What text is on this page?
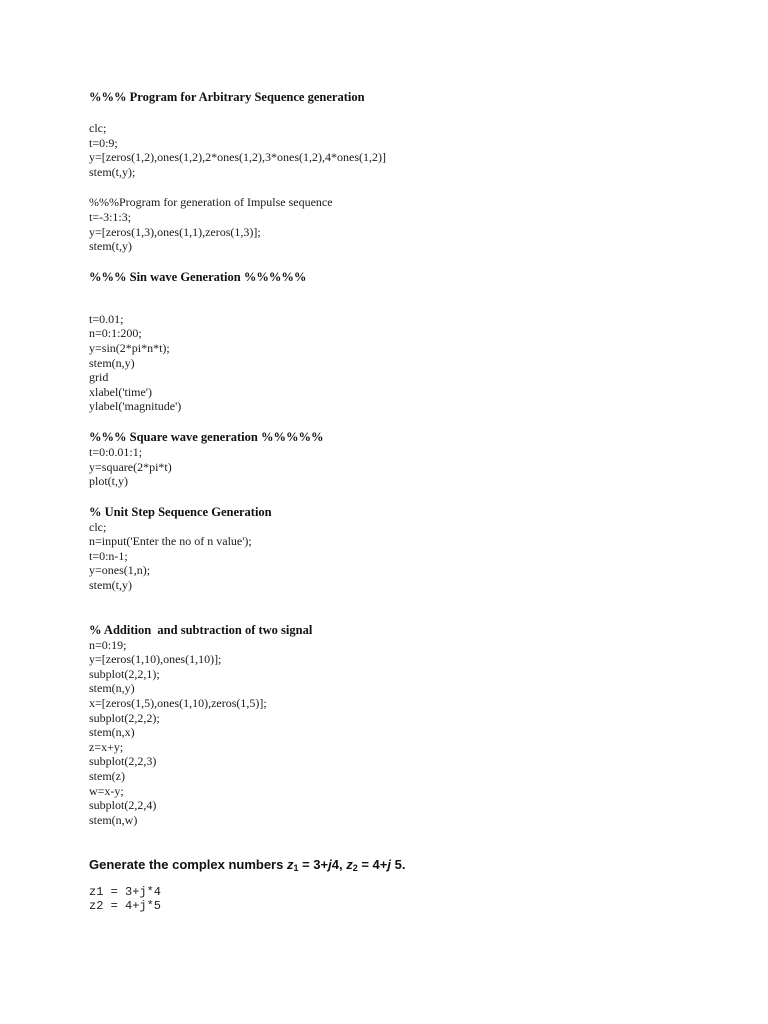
%%% Program for Arbitrary Sequence generation
clc;
t=0:9;
y=[zeros(1,2),ones(1,2),2*ones(1,2),3*ones(1,2),4*ones(1,2)]
stem(t,y);
%%%Program for generation of Impulse sequence
t=-3:1:3;
y=[zeros(1,3),ones(1,1),zeros(1,3)];
stem(t,y)
%%% Sin wave Generation %%%%%
t=0.01;
n=0:1:200;
y=sin(2*pi*n*t);
stem(n,y)
grid
xlabel('time')
ylabel('magnitude')
%%% Square wave generation %%%%%
t=0:0.01:1;
y=square(2*pi*t)
plot(t,y)
% Unit Step Sequence Generation
clc;
n=input('Enter the no of n value');
t=0:n-1;
y=ones(1,n);
stem(t,y)
% Addition  and subtraction of two signal
n=0:19;
y=[zeros(1,10),ones(1,10)];
subplot(2,2,1);
stem(n,y)
x=[zeros(1,5),ones(1,10),zeros(1,5)];
subplot(2,2,2);
stem(n,x)
z=x+y;
subplot(2,2,3)
stem(z)
w=x-y;
subplot(2,2,4)
stem(n,w)
Generate the complex numbers $z_1 = 3+j4$, $z_2 = 4+j$ 5.
z1 = 3+j*4
z2 = 4+j*5
